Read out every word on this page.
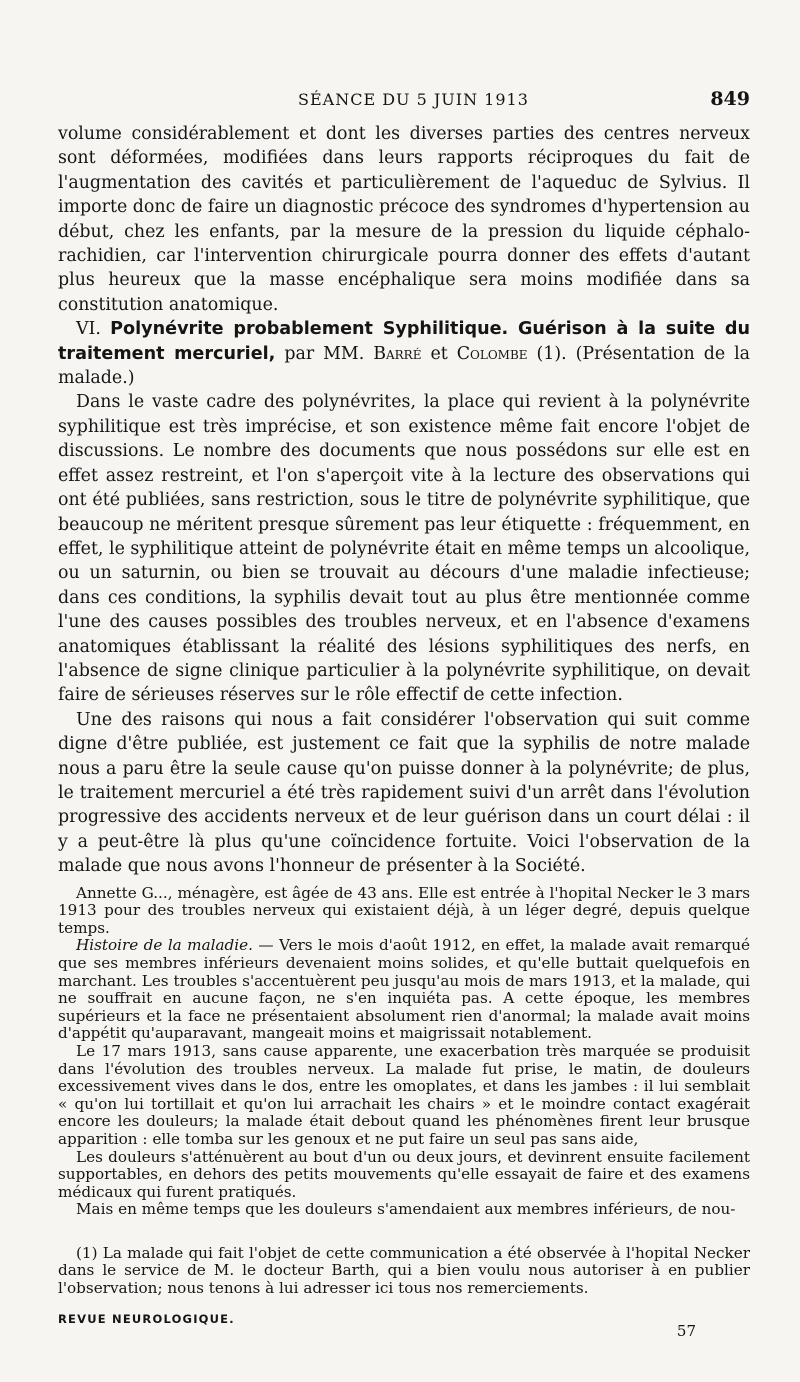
SÉANCE DU 5 JUIN 1913	849

volume considérablement et dont les diverses parties des centres nerveux sont déformées, modifiées dans leurs rapports réciproques du fait de l'augmentation des cavités et particulièrement de l'aqueduc de Sylvius. Il importe donc de faire un diagnostic précoce des syndromes d'hypertension au début, chez les enfants, par la mesure de la pression du liquide céphalo-rachidien, car l'intervention chirurgicale pourra donner des effets d'autant plus heureux que la masse encéphalique sera moins modifiée dans sa constitution anatomique.

VI. Polynévrite probablement Syphilitique. Guérison à la suite du traitement mercuriel, par MM. Barré et Colombe (1). (Présentation de la malade.)

Dans le vaste cadre des polynévrites, la place qui revient à la polynévrite syphilitique est très imprécise, et son existence même fait encore l'objet de discussions. Le nombre des documents que nous possédons sur elle est en effet assez restreint, et l'on s'aperçoit vite à la lecture des observations qui ont été publiées, sans restriction, sous le titre de polynévrite syphilitique, que beaucoup ne méritent presque sûrement pas leur étiquette : fréquemment, en effet, le syphilitique atteint de polynévrite était en même temps un alcoolique, ou un saturnin, ou bien se trouvait au décours d'une maladie infectieuse; dans ces conditions, la syphilis devait tout au plus être mentionnée comme l'une des causes possibles des troubles nerveux, et en l'absence d'examens anatomiques établissant la réalité des lésions syphilitiques des nerfs, en l'absence de signe clinique particulier à la polynévrite syphilitique, on devait faire de sérieuses réserves sur le rôle effectif de cette infection.

Une des raisons qui nous a fait considérer l'observation qui suit comme digne d'être publiée, est justement ce fait que la syphilis de notre malade nous a paru être la seule cause qu'on puisse donner à la polynévrite; de plus, le traitement mercuriel a été très rapidement suivi d'un arrêt dans l'évolution progressive des accidents nerveux et de leur guérison dans un court délai : il y a peut-être là plus qu'une coïncidence fortuite. Voici l'observation de la malade que nous avons l'honneur de présenter à la Société.

Annette G..., ménagère, est âgée de 43 ans. Elle est entrée à l'hopital Necker le 3 mars 1913 pour des troubles nerveux qui existaient déjà, à un léger degré, depuis quelque temps.

Histoire de la maladie. — Vers le mois d'août 1912, en effet, la malade avait remarqué que ses membres inférieurs devenaient moins solides, et qu'elle buttait quelquefois en marchant. Les troubles s'accentuèrent peu jusqu'au mois de mars 1913, et la malade, qui ne souffrait en aucune façon, ne s'en inquiéta pas. A cette époque, les membres supérieurs et la face ne présentaient absolument rien d'anormal; la malade avait moins d'appétit qu'auparavant, mangeait moins et maigrissait notablement.

Le 17 mars 1913, sans cause apparente, une exacerbation très marquée se produisit dans l'évolution des troubles nerveux. La malade fut prise, le matin, de douleurs excessivement vives dans le dos, entre les omoplates, et dans les jambes : il lui semblait « qu'on lui tortillait et qu'on lui arrachait les chairs » et le moindre contact exagérait encore les douleurs; la malade était debout quand les phénomènes firent leur brusque apparition : elle tomba sur les genoux et ne put faire un seul pas sans aide,

Les douleurs s'atténuèrent au bout d'un ou deux jours, et devinrent ensuite facilement supportables, en dehors des petits mouvements qu'elle essayait de faire et des examens médicaux qui furent pratiqués.

Mais en même temps que les douleurs s'amendaient aux membres inférieurs, de nou-

(1) La malade qui fait l'objet de cette communication a été observée à l'hopital Necker dans le service de M. le docteur Barth, qui a bien voulu nous autoriser à en publier l'observation; nous tenons à lui adresser ici tous nos remerciements.

REVUE NEUROLOGIQUE.
57
